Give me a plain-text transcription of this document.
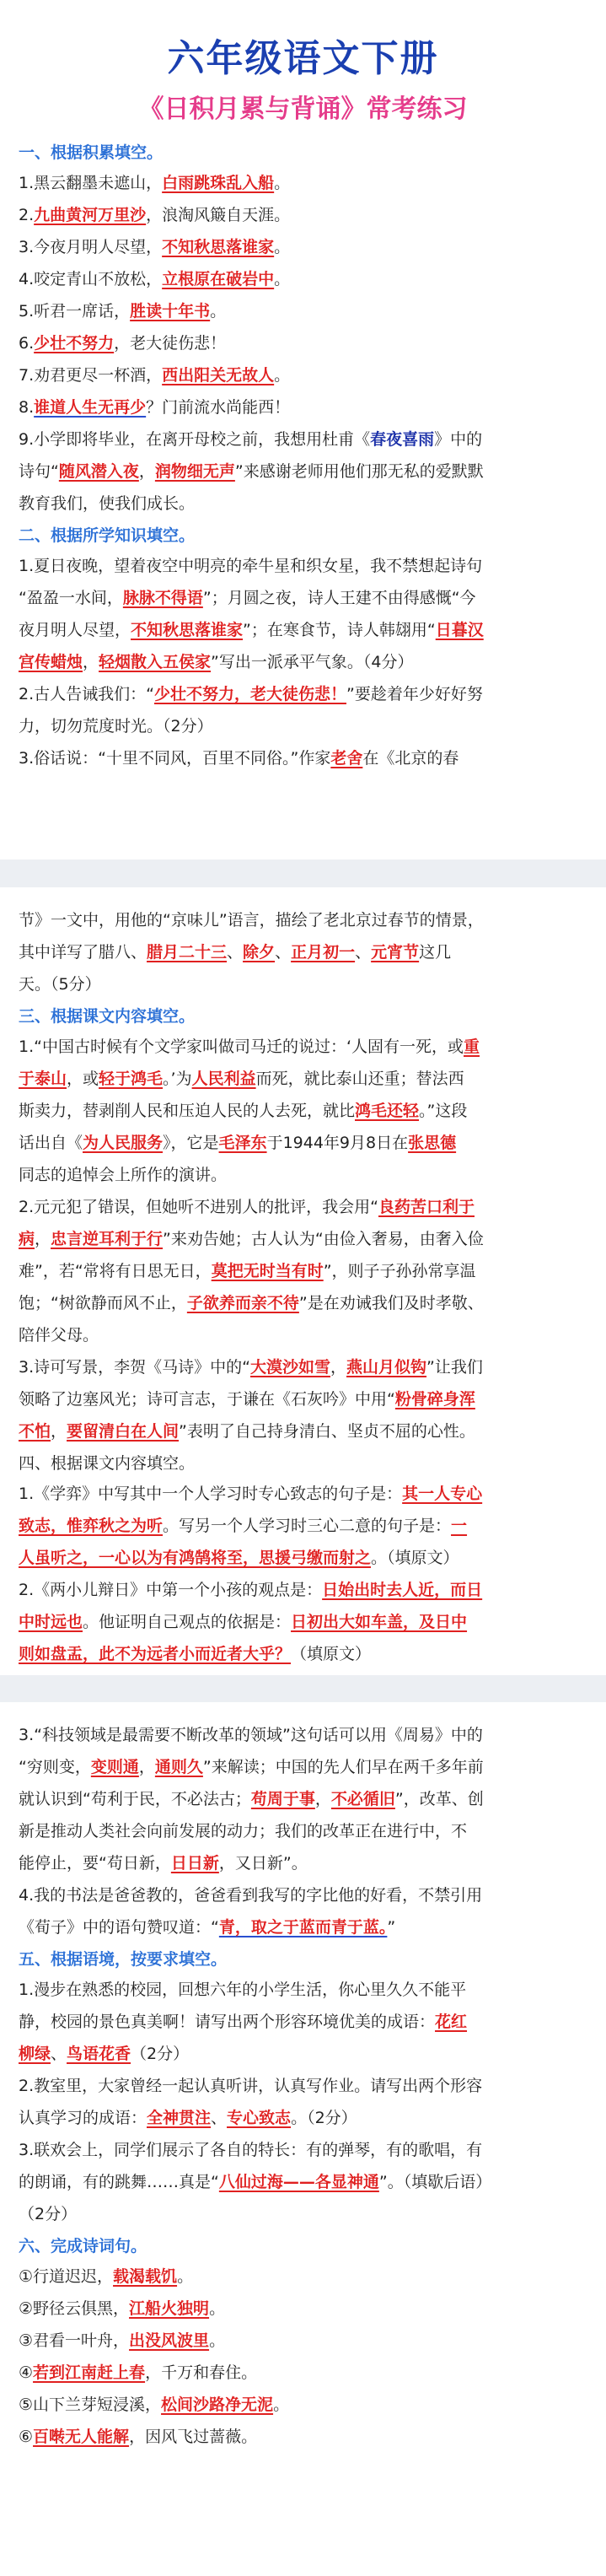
六年级语文下册
《日积月累与背诵》常考练习
一、根据积累填空。

1.黑云翻墨未遮山，白雨跳珠乱入船。

2.九曲黄河万里沙，浪淘风簸自天涯。

3.今夜月明人尽望，不知秋思落谁家。

4.咬定青山不放松，立根原在破岩中。

5.听君一席话，胜读十年书。

6.少壮不努力，老大徒伤悲！

7.劝君更尽一杯酒，西出阳关无故人。

8.谁道人生无再少？门前流水尚能西！

9.小学即将毕业，在离开母校之前，我想用杜甫《春夜喜雨》中的
诗句“随风潜入夜，润物细无声”来感谢老师用他们那无私的爱默默
教育我们，使我们成长。

二、根据所学知识填空。

1.夏日夜晚，望着夜空中明亮的牵牛星和织女星，我不禁想起诗句
“盈盈一水间，脉脉不得语”；月圆之夜，诗人王建不由得感慨“今
夜月明人尽望，不知秋思落谁家”；在寒食节，诗人韩翃用“日暮汉
宫传蜡烛，轻烟散入五侯家”写出一派承平气象。（4分）

2.古人告诫我们：“少壮不努力，老大徒伤悲！”要趁着年少好好努
力，切勿荒度时光。（2分）

3.俗话说：“十里不同风，百里不同俗。”作家老舍在《北京的春

节》一文中，用他的“京味儿”语言，描绘了老北京过春节的情景，
其中详写了腊八、腊月二十三、除夕、正月初一、元宵节这几
天。（5分）

三、根据课文内容填空。

1.“中国古时候有个文学家叫做司马迁的说过：‘人固有一死，或重
于泰山，或轻于鸿毛。’为人民利益而死，就比泰山还重；替法西
斯卖力，替剥削人民和压迫人民的人去死，就比鸿毛还轻。”这段
话出自《为人民服务》，它是毛泽东于1944年9月8日在张思德
同志的追悼会上所作的演讲。

2.元元犯了错误，但她听不进别人的批评，我会用“良药苦口利于
病，忠言逆耳利于行”来劝告她；古人认为“由俭入奢易，由奢入俭
难”，若“常将有日思无日，莫把无时当有时”，则子子孙孙常享温
饱；“树欲静而风不止，子欲养而亲不待”是在劝诫我们及时孝敬、
陪伴父母。

3.诗可写景，李贺《马诗》中的“大漠沙如雪，燕山月似钩”让我们
领略了边塞风光；诗可言志，于谦在《石灰吟》中用“粉骨碎身浑
不怕，要留清白在人间”表明了自己持身清白、坚贞不屈的心性。

四、根据课文内容填空。

1.《学弈》中写其中一个人学习时专心致志的句子是：其一人专心
致志，惟弈秋之为听。写另一个人学习时三心二意的句子是：一
人虽听之，一心以为有鸿鹄将至，思援弓缴而射之。（填原文）

2.《两小儿辩日》中第一个小孩的观点是：日始出时去人近，而日
中时远也。他证明自己观点的依据是：日初出大如车盖，及日中
则如盘盂，此不为远者小而近者大乎？（填原文）

3.“科技领域是最需要不断改革的领域”这句话可以用《周易》中的
“穷则变，变则通，通则久”来解读；中国的先人们早在两千多年前
就认识到“苟利于民，不必法古；苟周于事，不必循旧”，改革、创
新是推动人类社会向前发展的动力；我们的改革正在进行中，不
能停止，要“苟日新，日日新，又日新”。

4.我的书法是爸爸教的，爸爸看到我写的字比他的好看，不禁引用
《荀子》中的语句赞叹道：“青，取之于蓝而青于蓝。”

五、根据语境，按要求填空。

1.漫步在熟悉的校园，回想六年的小学生活，你心里久久不能平
静，校园的景色真美啊！请写出两个形容环境优美的成语：花红
柳绿、鸟语花香（2分）

2.教室里，大家曾经一起认真听讲，认真写作业。请写出两个形容
认真学习的成语：全神贯注、专心致志。（2分）

3.联欢会上，同学们展示了各自的特长：有的弹琴，有的歌唱，有
的朗诵，有的跳舞……真是“八仙过海——各显神通”。（填歇后语）
（2分）

六、完成诗词句。

①行道迟迟，载渴载饥。

②野径云俱黑，江船火独明。

③君看一叶舟，出没风波里。

④若到江南赶上春，千万和春住。

⑤山下兰芽短浸溪，松间沙路净无泥。

⑥百啭无人能解，因风飞过蔷薇。
